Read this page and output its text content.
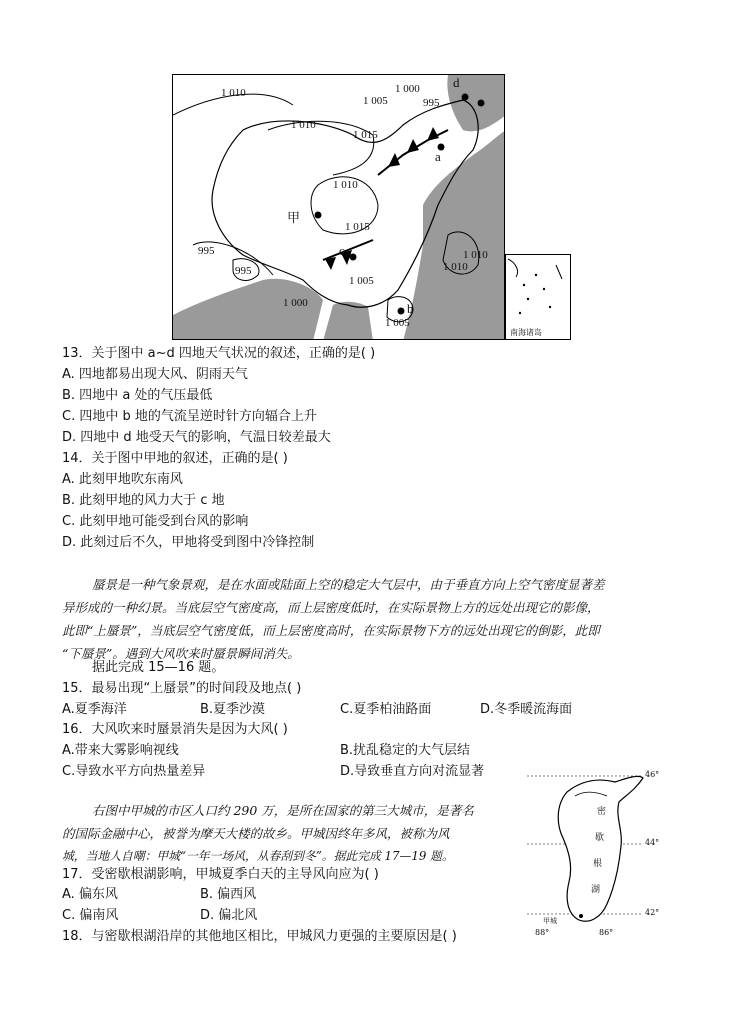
1 010
1 005
1 000
995
1 010
1 015
1 010
1 015
995
995
1 000
1 005
1 010
1 010
1 005
a
b
c
d
甲
南海诸岛
13．关于图中 a~d 四地天气状况的叙述，正确的是( )
A. 四地都易出现大风、阴雨天气
B. 四地中 a 处的气压最低
C. 四地中 b 地的气流呈逆时针方向辐合上升
D. 四地中 d 地受天气的影响，气温日较差最大
14．关于图中甲地的叙述，正确的是( )
A. 此刻甲地吹东南风
B. 此刻甲地的风力大于 c 地
C. 此刻甲地可能受到台风的影响
D. 此刻过后不久，甲地将受到图中冷锋控制
蜃景是一种气象景观，是在水面或陆面上空的稳定大气层中，由于垂直方向上空气密度显著差
异形成的一种幻景。当底层空气密度高，而上层密度低时，在实际景物上方的远处出现它的影像，
此即“上蜃景”，当底层空气密度低，而上层密度高时，在实际景物下方的远处出现它的倒影，此即
“下蜃景”。遇到大风吹来时蜃景瞬间消失。
据此完成 15—16 题。
15．最易出现“上蜃景”的时间段及地点( )
A.夏季海洋	B.夏季沙漠	C.夏季柏油路面	D.冬季暖流海面
16．大风吹来时蜃景消失是因为大风( )
A.带来大雾影响视线	B.扰乱稳定的大气层结
C.导致水平方向热量差异	D.导致垂直方向对流显著
右图中甲城的市区人口约 290 万，是所在国家的第三大城市，是著名
的国际金融中心，被誉为摩天大楼的故乡。甲城因终年多风，被称为风
城，当地人自嘲：甲城“一年一场风，从春刮到冬”。据此完成 17—19 题。
17．受密歇根湖影响，甲城夏季白天的主导风向应为( )
A. 偏东风	B. 偏西风
C. 偏南风	D. 偏北风
18．与密歇根湖沿岸的其他地区相比，甲城风力更强的主要原因是( )
46°
44°
42°
88°	86°
密
歇
根
湖
甲城
